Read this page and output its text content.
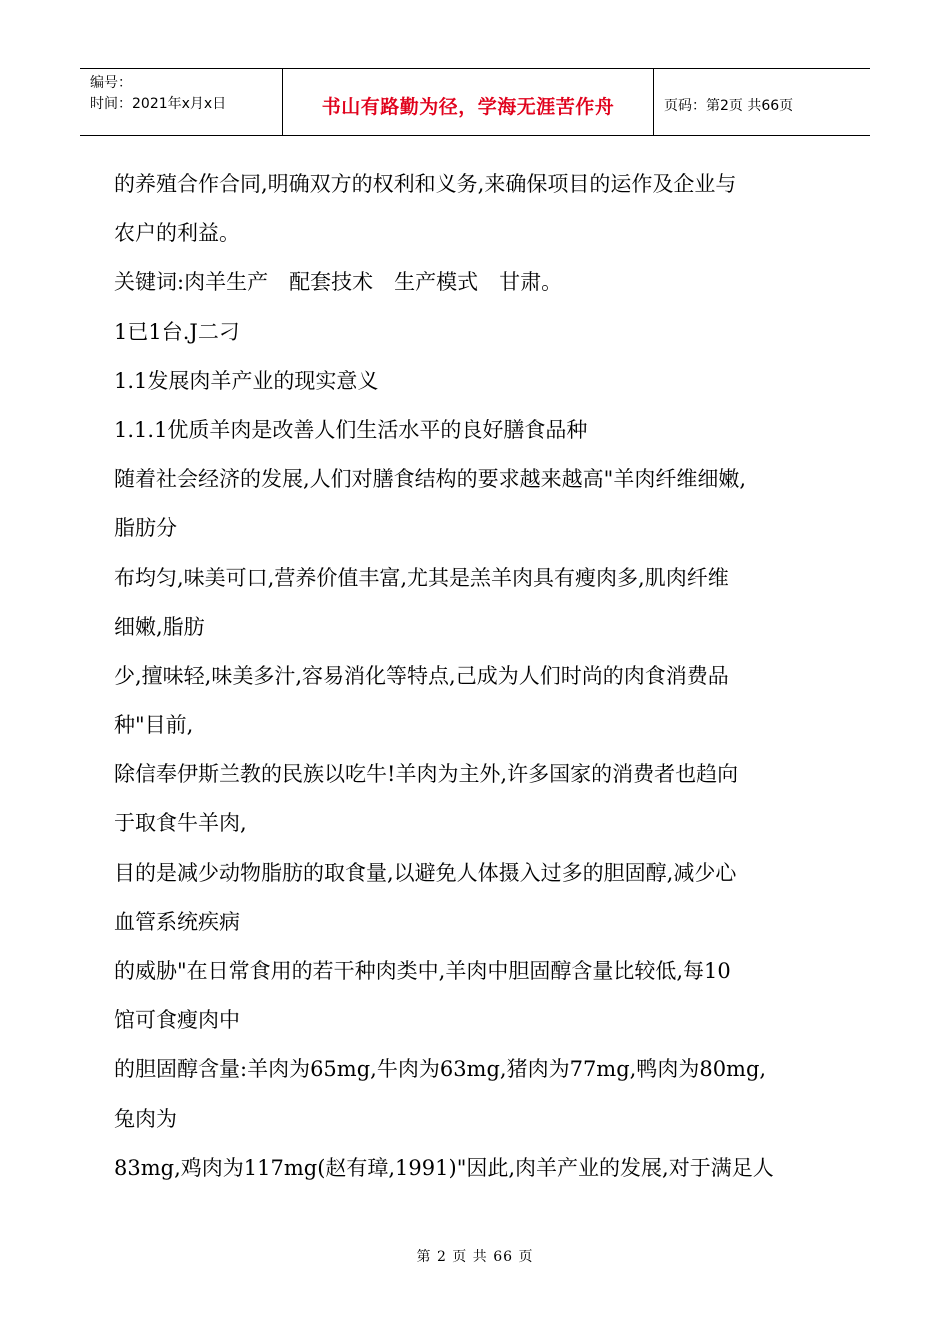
编号：
时间：2021年x月x日	书山有路勤为径，学海无涯苦作舟	页码：第2页 共66页
的养殖合作合同,明确双方的权利和义务,来确保项目的运作及企业与
农户的利益。
关键词:肉羊生产　配套技术　生产模式　甘肃。
1已1台.J二刁
1.1发展肉羊产业的现实意义
1.1.1优质羊肉是改善人们生活水平的良好膳食品种
随着社会经济的发展,人们对膳食结构的要求越来越高"羊肉纤维细嫩,
脂肪分
布均匀,味美可口,营养价值丰富,尤其是羔羊肉具有瘦肉多,肌肉纤维
细嫩,脂肪
少,擅味轻,味美多汁,容易消化等特点,己成为人们时尚的肉食消费品
种"目前,
除信奉伊斯兰教的民族以吃牛!羊肉为主外,许多国家的消费者也趋向
于取食牛羊肉,
目的是减少动物脂肪的取食量,以避免人体摄入过多的胆固醇,减少心
血管系统疾病
的威胁"在日常食用的若干种肉类中,羊肉中胆固醇含量比较低,每10
馆可食瘦肉中
的胆固醇含量:羊肉为65mg,牛肉为63mg,猪肉为77mg,鸭肉为80mg,
兔肉为
83mg,鸡肉为117mg(赵有璋,1991)"因此,肉羊产业的发展,对于满足人
第 2 页 共 66 页
